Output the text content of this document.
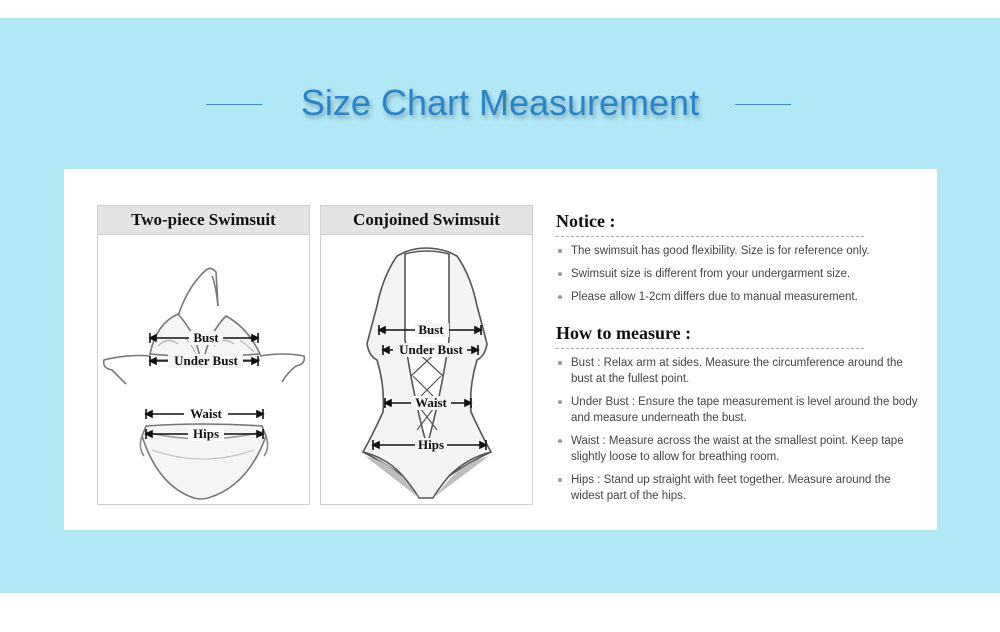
Size Chart Measurement
Two-piece Swimsuit
Bust
Under Bust
Waist
Hips
Conjoined Swimsuit
Bust
Under Bust
Waist
Hips
Notice :
The swimsuit has good flexibility. Size is for reference only.
Swimsuit size is different from your undergarment size.
Please allow 1-2cm differs due to manual measurement.
How to measure :
Bust : Relax arm at sides. Measure the circumference around the bust at the fullest point.
Under Bust : Ensure the tape measurement is level around the body and measure underneath the bust.
Waist : Measure across the waist at the smallest point. Keep tape slightly loose to allow for breathing room.
Hips : Stand up straight with feet together. Measure around the widest part of the hips.
